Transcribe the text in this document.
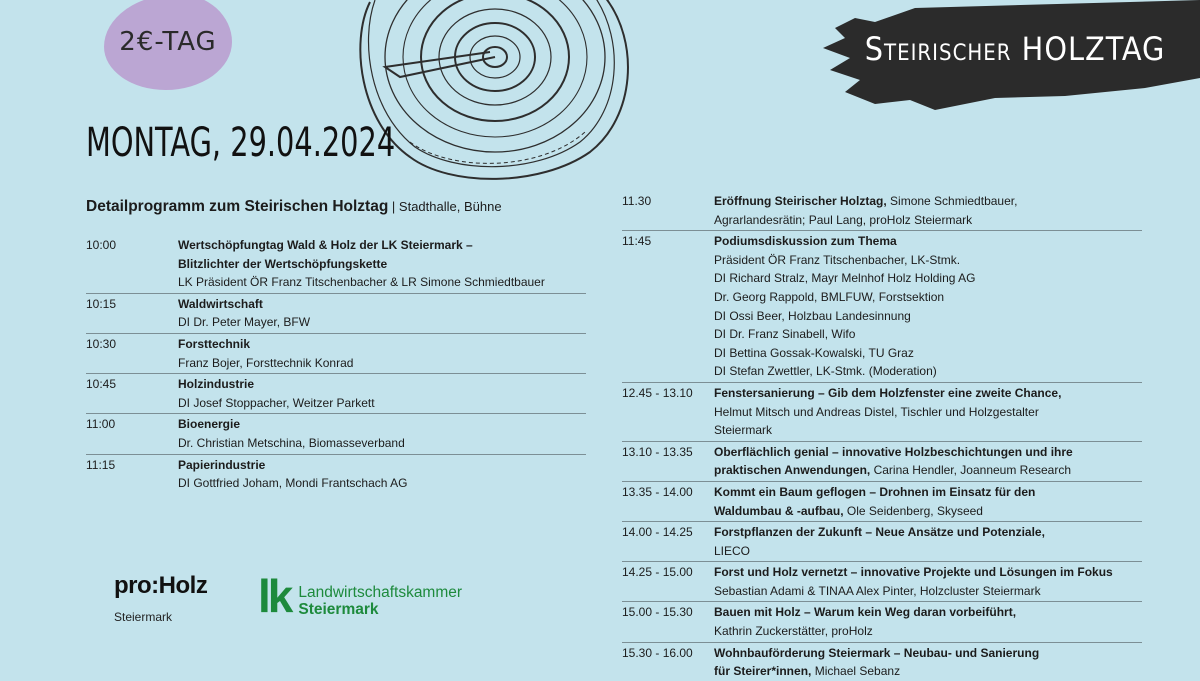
2€-TAG	Steirischer HOLZTAG
MONTAG, 29.04.2024
Detailprogramm zum Steirischen Holztag | Stadthalle, Bühne
10:00	Wertschöpfungtag Wald & Holz der LK Steiermark –
Blitzlichter der Wertschöpfungskette
LK Präsident ÖR Franz Titschenbacher & LR Simone Schmiedtbauer
10:15	Waldwirtschaft
DI Dr. Peter Mayer, BFW
10:30	Forsttechnik
Franz Bojer, Forsttechnik Konrad
10:45	Holzindustrie
DI Josef Stoppacher, Weitzer Parkett
11:00	Bioenergie
Dr. Christian Metschina, Biomasseverband
11:15	Papierindustrie
DI Gottfried Joham, Mondi Frantschach AG
11.30	Eröffnung Steirischer Holztag, Simone Schmiedtbauer,
Agrarlandesrätin; Paul Lang, proHolz Steiermark
11:45	Podiumsdiskussion zum Thema
Präsident ÖR Franz Titschenbacher, LK-Stmk.
DI Richard Stralz, Mayr Melnhof Holz Holding AG
Dr. Georg Rappold, BMLFUW, Forstsektion
DI Ossi Beer, Holzbau Landesinnung
DI Dr. Franz Sinabell, Wifo
DI Bettina Gossak-Kowalski, TU Graz
DI Stefan Zwettler, LK-Stmk. (Moderation)
12.45 - 13.10	Fenstersanierung – Gib dem Holzfenster eine zweite Chance,
Helmut Mitsch und Andreas Distel, Tischler und Holzgestalter
Steiermark
13.10 - 13.35	Oberflächlich genial – innovative Holzbeschichtungen und ihre
praktischen Anwendungen, Carina Hendler, Joanneum Research
13.35 - 14.00	Kommt ein Baum geflogen – Drohnen im Einsatz für den
Waldumbau & -aufbau, Ole Seidenberg, Skyseed
14.00 - 14.25	Forstpflanzen der Zukunft – Neue Ansätze und Potenziale,
LIECO
14.25 - 15.00	Forst und Holz vernetzt – innovative Projekte und Lösungen im Fokus
Sebastian Adami & TINAA Alex Pinter, Holzcluster Steiermark
15.00 - 15.30	Bauen mit Holz – Warum kein Weg daran vorbeiführt,
Kathrin Zuckerstätter, proHolz
15.30 - 16.00	Wohnbauförderung Steiermark – Neubau- und Sanierung
für Steirer*innen, Michael Sebanz
pro:Holz
Steiermark	lk Landwirtschaftskammer
Steiermark
